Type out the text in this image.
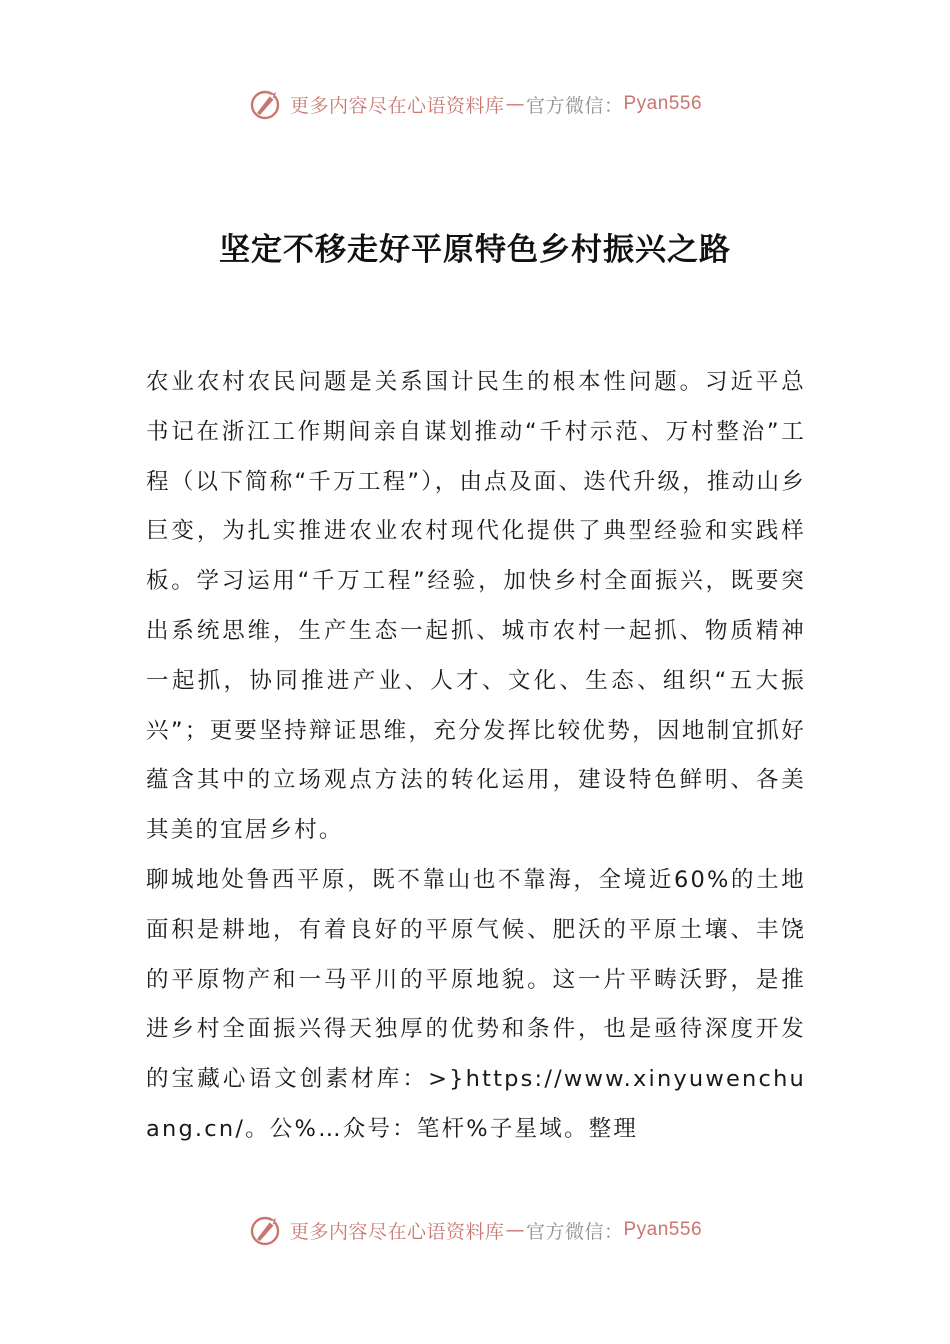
更多内容尽在心语资料库 — 官方微信： Pyan556
坚定不移走好平原特色乡村振兴之路

农业农村农民问题是关系国计民生的根本性问题。习近平总书记在浙江工作期间亲自谋划推动“千村示范、万村整治”工程（以下简称“千万工程”），由点及面、迭代升级，推动山乡巨变，为扎实推进农业农村现代化提供了典型经验和实践样板。学习运用“千万工程”经验，加快乡村全面振兴，既要突出系统思维，生产生态一起抓、城市农村一起抓、物质精神一起抓，协同推进产业、人才、文化、生态、组织“五大振兴”；更要坚持辩证思维，充分发挥比较优势，因地制宜抓好蕴含其中的立场观点方法的转化运用，建设特色鲜明、各美其美的宜居乡村。

聊城地处鲁西平原，既不靠山也不靠海，全境近60%的土地面积是耕地，有着良好的平原气候、肥沃的平原土壤、丰饶的平原物产和一马平川的平原地貌。这一片平畴沃野，是推进乡村全面振兴得天独厚的优势和条件，也是亟待深度开发的宝藏心语文创素材库：>}https://www.xinyuwenchuang.cn/。公%…众号：笔杆%子星域。整理

更多内容尽在心语资料库 — 官方微信： Pyan556
